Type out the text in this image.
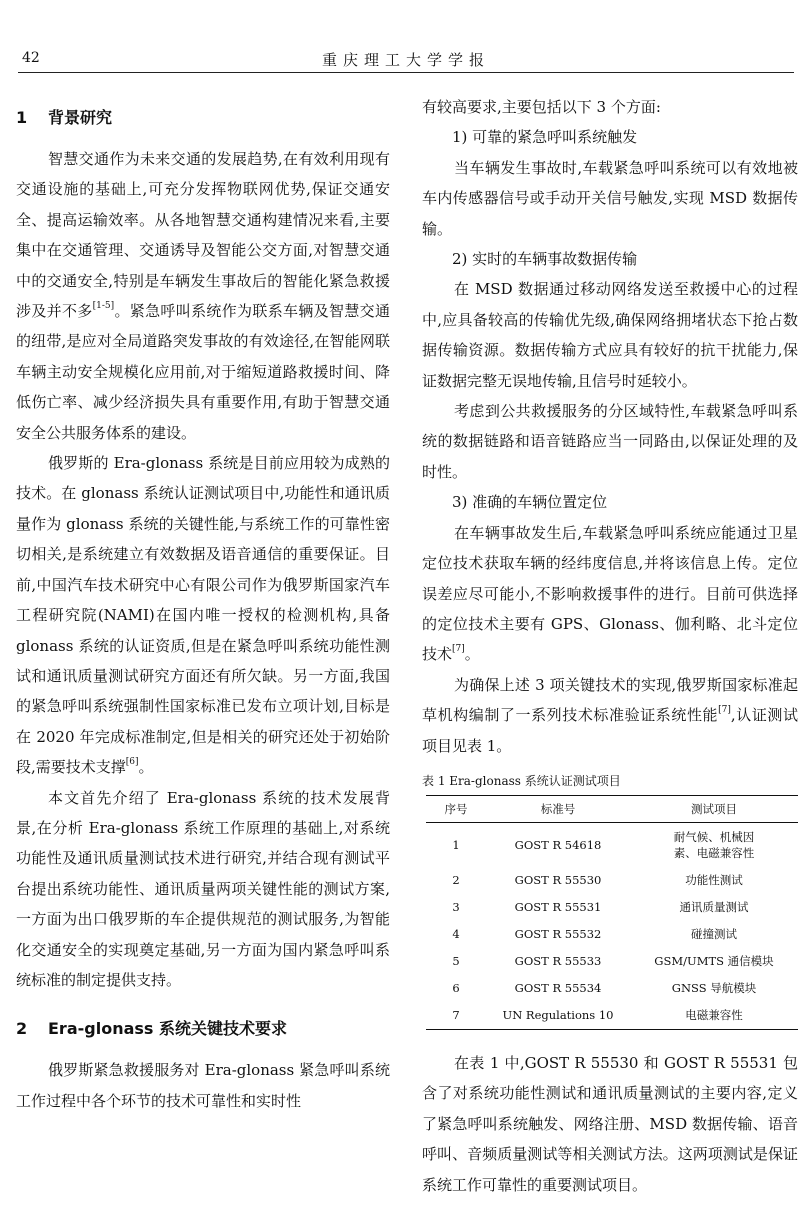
42	重庆理工大学学报

1 背景研究

智慧交通作为未来交通的发展趋势,在有效利用现有交通设施的基础上,可充分发挥物联网优势,保证交通安全、提高运输效率。从各地智慧交通构建情况来看,主要集中在交通管理、交通诱导及智能公交方面,对智慧交通中的交通安全,特别是车辆发生事故后的智能化紧急救援涉及并不多[1-5]。紧急呼叫系统作为联系车辆及智慧交通的纽带,是应对全局道路突发事故的有效途径,在智能网联车辆主动安全规模化应用前,对于缩短道路救援时间、降低伤亡率、减少经济损失具有重要作用,有助于智慧交通安全公共服务体系的建设。

俄罗斯的 Era-glonass 系统是目前应用较为成熟的技术。在 glonass 系统认证测试项目中,功能性和通讯质量作为 glonass 系统的关键性能,与系统工作的可靠性密切相关,是系统建立有效数据及语音通信的重要保证。目前,中国汽车技术研究中心有限公司作为俄罗斯国家汽车工程研究院(NAMI)在国内唯一授权的检测机构,具备 glonass 系统的认证资质,但是在紧急呼叫系统功能性测试和通讯质量测试研究方面还有所欠缺。另一方面,我国的紧急呼叫系统强制性国家标准已发布立项计划,目标是在 2020 年完成标准制定,但是相关的研究还处于初始阶段,需要技术支撑[6]。

本文首先介绍了 Era-glonass 系统的技术发展背景,在分析 Era-glonass 系统工作原理的基础上,对系统功能性及通讯质量测试技术进行研究,并结合现有测试平台提出系统功能性、通讯质量两项关键性能的测试方案,一方面为出口俄罗斯的车企提供规范的测试服务,为智能化交通安全的实现奠定基础,另一方面为国内紧急呼叫系统标准的制定提供支持。

2 Era-glonass 系统关键技术要求

俄罗斯紧急救援服务对 Era-glonass 紧急呼叫系统工作过程中各个环节的技术可靠性和实时性

有较高要求,主要包括以下 3 个方面:

1) 可靠的紧急呼叫系统触发

当车辆发生事故时,车载紧急呼叫系统可以有效地被车内传感器信号或手动开关信号触发,实现 MSD 数据传输。

2) 实时的车辆事故数据传输

在 MSD 数据通过移动网络发送至救援中心的过程中,应具备较高的传输优先级,确保网络拥堵状态下抢占数据传输资源。数据传输方式应具有较好的抗干扰能力,保证数据完整无误地传输,且信号时延较小。

考虑到公共救援服务的分区域特性,车载紧急呼叫系统的数据链路和语音链路应当一同路由,以保证处理的及时性。

3) 准确的车辆位置定位

在车辆事故发生后,车载紧急呼叫系统应能通过卫星定位技术获取车辆的经纬度信息,并将该信息上传。定位误差应尽可能小,不影响救援事件的进行。目前可供选择的定位技术主要有 GPS、Glonass、伽利略、北斗定位技术[7]。

为确保上述 3 项关键技术的实现,俄罗斯国家标准起草机构编制了一系列技术标准验证系统性能[7],认证测试项目见表 1。

表 1 Era-glonass 系统认证测试项目

序号	标准号	测试项目
1	GOST R 54618	耐气候、机械因素、电磁兼容性
2	GOST R 55530	功能性测试
3	GOST R 55531	通讯质量测试
4	GOST R 55532	碰撞测试
5	GOST R 55533	GSM/UMTS 通信模块
6	GOST R 55534	GNSS 导航模块
7	UN Regulations 10	电磁兼容性

在表 1 中,GOST R 55530 和 GOST R 55531 包含了对系统功能性测试和通讯质量测试的主要内容,定义了紧急呼叫系统触发、网络注册、MSD 数据传输、语音呼叫、音频质量测试等相关测试方法。这两项测试是保证系统工作可靠性的重要测试项目。
